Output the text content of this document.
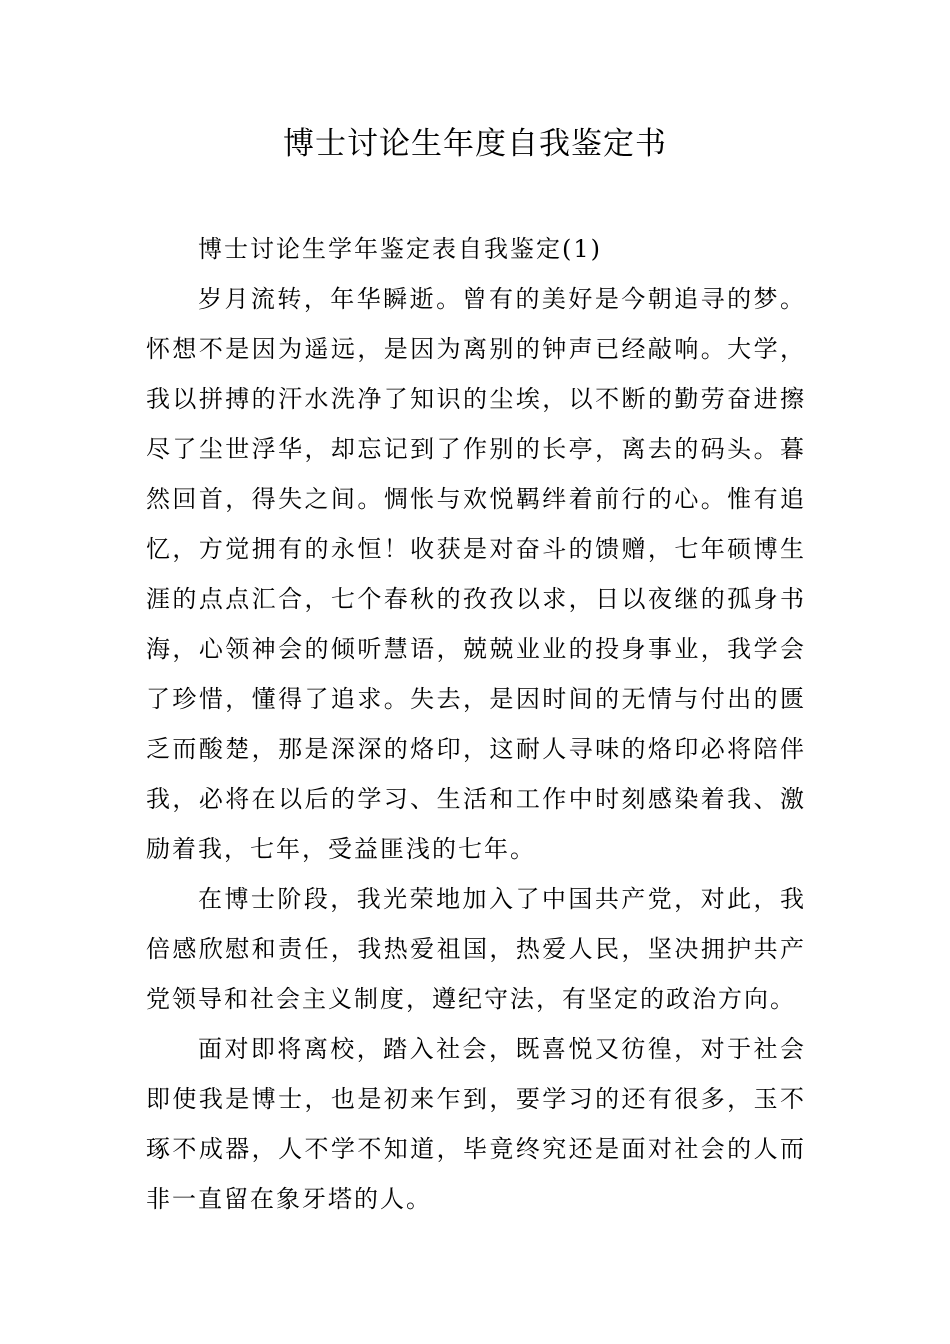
博士讨论生年度自我鉴定书

博士讨论生学年鉴定表自我鉴定(1)

岁月流转，年华瞬逝。曾有的美好是今朝追寻的梦。怀想不是因为遥远，是因为离别的钟声已经敲响。大学，我以拼搏的汗水洗净了知识的尘埃，以不断的勤劳奋进擦尽了尘世浮华，却忘记到了作别的长亭，离去的码头。暮然回首，得失之间。惆怅与欢悦羁绊着前行的心。惟有追忆，方觉拥有的永恒！收获是对奋斗的馈赠，七年硕博生涯的点点汇合，七个春秋的孜孜以求，日以夜继的孤身书海，心领神会的倾听慧语，兢兢业业的投身事业，我学会了珍惜，懂得了追求。失去，是因时间的无情与付出的匮乏而酸楚，那是深深的烙印，这耐人寻味的烙印必将陪伴我，必将在以后的学习、生活和工作中时刻感染着我、激励着我，七年，受益匪浅的七年。

在博士阶段，我光荣地加入了中国共产党，对此，我倍感欣慰和责任，我热爱祖国，热爱人民，坚决拥护共产党领导和社会主义制度，遵纪守法，有坚定的政治方向。

面对即将离校，踏入社会，既喜悦又彷徨，对于社会即使我是博士，也是初来乍到，要学习的还有很多，玉不琢不成器，人不学不知道，毕竟终究还是面对社会的人而非一直留在象牙塔的人。
